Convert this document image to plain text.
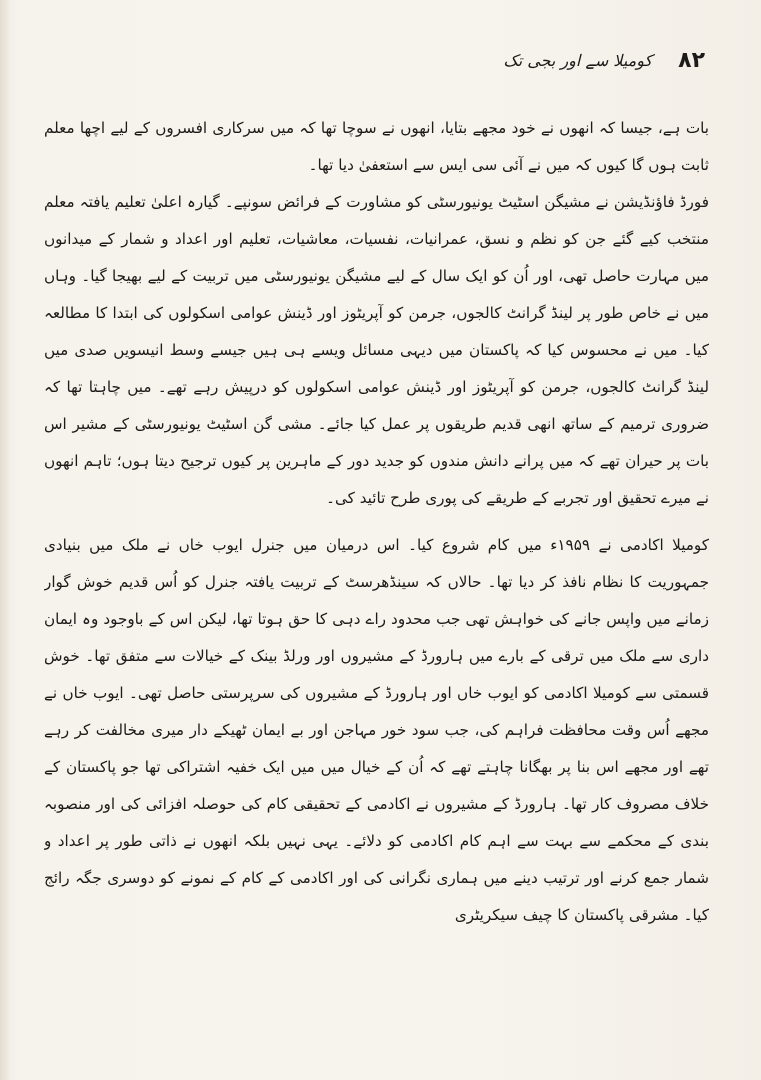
۸۲
کومیلا سے اور بجی تک

بات ہے، جیسا کہ انھوں نے خود مجھے بتایا، انھوں نے سوچا تھا کہ میں سرکاری افسروں کے لیے اچھا معلم ثابت ہوں گا کیوں کہ میں نے آئی سی ایس سے استعفیٰ دیا تھا۔

فورڈ فاؤنڈیشن نے مشیگن اسٹیٹ یونیورسٹی کو مشاورت کے فرائض سونپے۔ گیارہ اعلیٰ تعلیم یافتہ معلم منتخب کیے گئے جن کو نظم و نسق، عمرانیات، نفسیات، معاشیات، تعلیم اور اعداد و شمار کے میدانوں میں مہارت حاصل تھی، اور اُن کو ایک سال کے لیے مشیگن یونیورسٹی میں تربیت کے لیے بھیجا گیا۔ وہاں میں نے خاص طور پر لینڈ گرانٹ کالجوں، جرمن کو آپریٹوز اور ڈینش عوامی اسکولوں کی ابتدا کا مطالعہ کیا۔ میں نے محسوس کیا کہ پاکستان میں دیہی مسائل ویسے ہی ہیں جیسے وسط انیسویں صدی میں لینڈ گرانٹ کالجوں، جرمن کو آپریٹوز اور ڈینش عوامی اسکولوں کو درپیش رہے تھے۔ میں چاہتا تھا کہ ضروری ترمیم کے ساتھ انھی قدیم طریقوں پر عمل کیا جائے۔ مشی گن اسٹیٹ یونیورسٹی کے مشیر اس بات پر حیران تھے کہ میں پرانے دانش مندوں کو جدید دور کے ماہرین پر کیوں ترجیح دیتا ہوں؛ تاہم انھوں نے میرے تحقیق اور تجربے کے طریقے کی پوری طرح تائید کی۔

کومیلا اکادمی نے ۱۹۵۹ء میں کام شروع کیا۔ اس درمیان میں جنرل ایوب خاں نے ملک میں بنیادی جمہوریت کا نظام نافذ کر دیا تھا۔ حالاں کہ سینڈھرسٹ کے تربیت یافتہ جنرل کو اُس قدیم خوش گوار زمانے میں واپس جانے کی خواہش تھی جب محدود راے دہی کا حق ہوتا تھا، لیکن اس کے باوجود وہ ایمان داری سے ملک میں ترقی کے بارے میں ہارورڈ کے مشیروں اور ورلڈ بینک کے خیالات سے متفق تھا۔ خوش قسمتی سے کومیلا اکادمی کو ایوب خاں اور ہارورڈ کے مشیروں کی سرپرستی حاصل تھی۔ ایوب خاں نے مجھے اُس وقت محافظت فراہم کی، جب سود خور مہاجن اور بے ایمان ٹھیکے دار میری مخالفت کر رہے تھے اور مجھے اس بنا پر بھگانا چاہتے تھے کہ اُن کے خیال میں میں ایک خفیہ اشتراکی تھا جو پاکستان کے خلاف مصروف کار تھا۔ ہارورڈ کے مشیروں نے اکادمی کے تحقیقی کام کی حوصلہ افزائی کی اور منصوبہ بندی کے محکمے سے بہت سے اہم کام اکادمی کو دلائے۔ یہی نہیں بلکہ انھوں نے ذاتی طور پر اعداد و شمار جمع کرنے اور ترتیب دینے میں ہماری نگرانی کی اور اکادمی کے کام کے نمونے کو دوسری جگہ رائج کیا۔ مشرقی پاکستان کا چیف سیکریٹری
